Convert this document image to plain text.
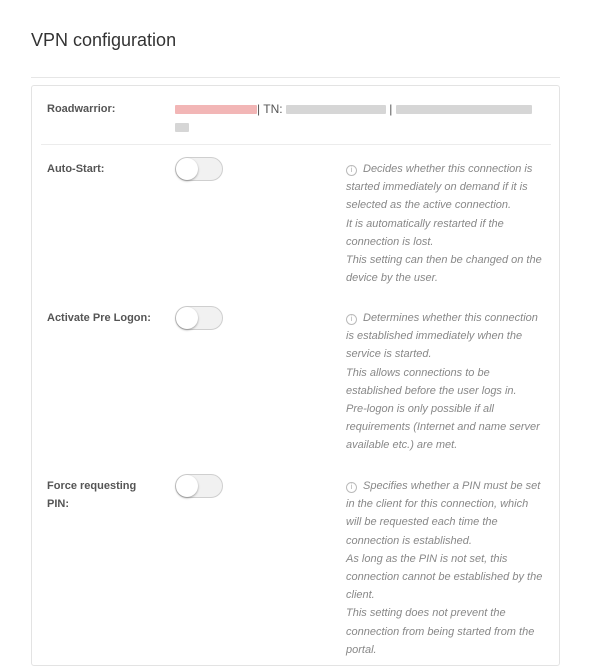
VPN configuration
Roadwarrior:	| TN:	|

Auto-Start:	i Decides whether this connection is started immediately on demand if it is selected as the active connection.
It is automatically restarted if the connection is lost.
This setting can then be changed on the device by the user.
Activate Pre Logon:	i Determines whether this connection is established immediately when the service is started.
This allows connections to be established before the user logs in.
Pre-logon is only possible if all requirements (Internet and name server available etc.) are met.
Force requesting PIN:
i Specifies whether a PIN must be set in the client for this connection, which will be requested each time the connection is established.
As long as the PIN is not set, this connection cannot be established by the client.
This setting does not prevent the connection from being started from the portal.
